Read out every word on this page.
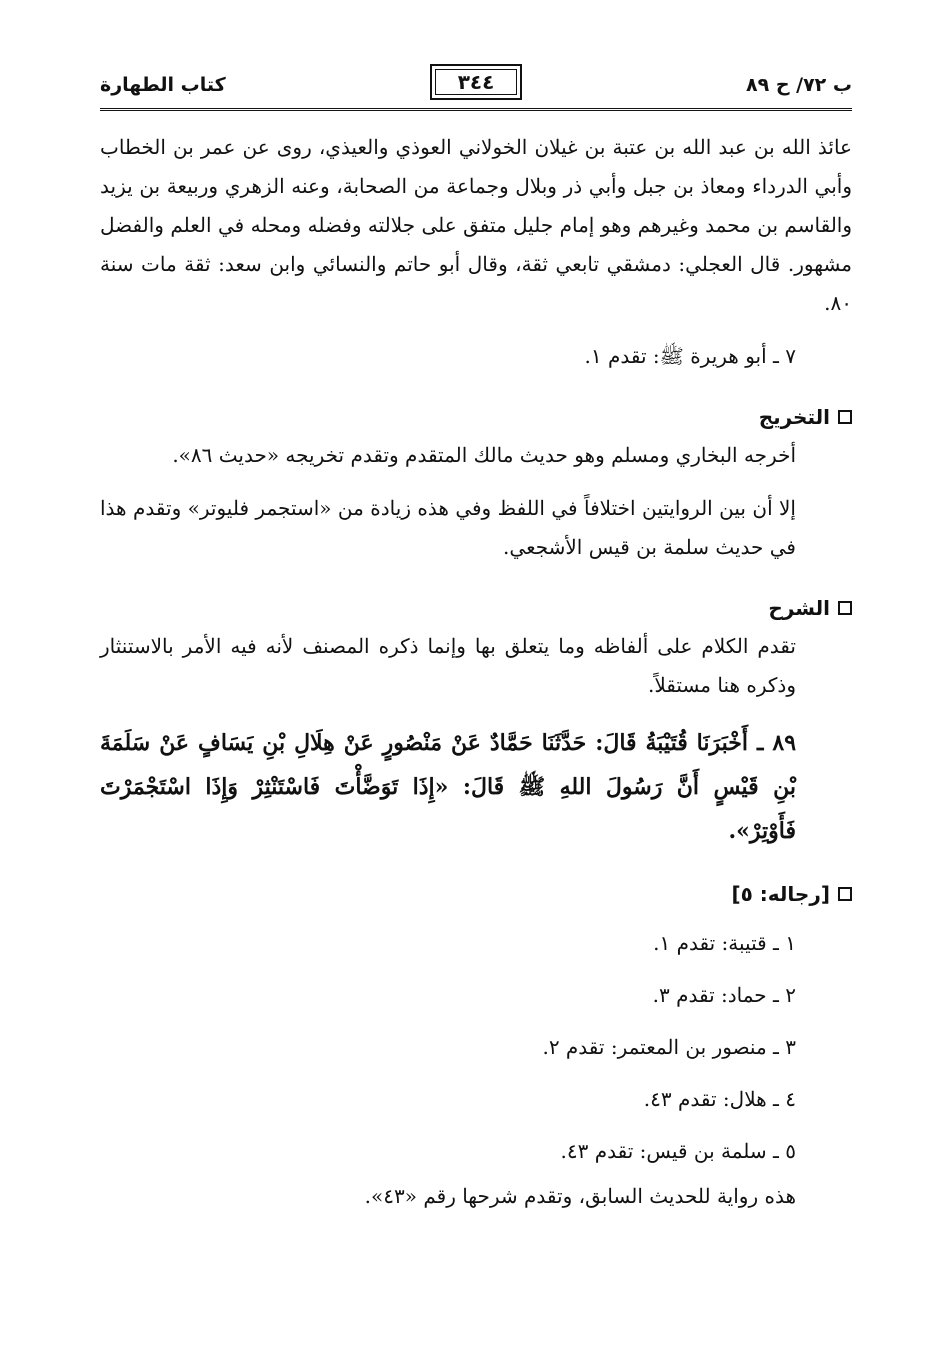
ب ٧٢/ ح ٨٩
٣٤٤
كتاب الطهارة

عائذ الله بن عبد الله بن عتبة بن غيلان الخولاني العوذي والعيذي، روى عن عمر بن الخطاب وأبي الدرداء ومعاذ بن جبل وأبي ذر وبلال وجماعة من الصحابة، وعنه الزهري وربيعة بن يزيد والقاسم بن محمد وغيرهم وهو إمام جليل متفق على جلالته وفضله ومحله في العلم والفضل مشهور. قال العجلي: دمشقي تابعي ثقة، وقال أبو حاتم والنسائي وابن سعد: ثقة مات سنة ٨٠.

٧ ـ أبو هريرة ﷺ: تقدم ١.

التخريج

أخرجه البخاري ومسلم وهو حديث مالك المتقدم وتقدم تخريجه «حديث ٨٦».

إلا أن بين الروايتين اختلافاً في اللفظ وفي هذه زيادة من «استجمر فليوتر» وتقدم هذا في حديث سلمة بن قيس الأشجعي.

الشرح

تقدم الكلام على ألفاظه وما يتعلق بها وإنما ذكره المصنف لأنه فيه الأمر بالاستنثار وذكره هنا مستقلاً.

٨٩ ـ أَخْبَرَنَا قُتَيْبَةُ قَالَ: حَدَّثَنَا حَمَّادٌ عَنْ مَنْصُورٍ عَنْ هِلَالِ بْنِ يَسَافٍ عَنْ سَلَمَةَ بْنِ قَيْسٍ أَنَّ رَسُولَ اللهِ ﷺ قَالَ: «إِذَا تَوَضَّأْتَ فَاسْتَنْثِرْ وَإِذَا اسْتَجْمَرْتَ فَأَوْتِرْ».
[رجاله: ٥]
١ ـ قتيبة: تقدم ١.
٢ ـ حماد: تقدم ٣.
٣ ـ منصور بن المعتمر: تقدم ٢.
٤ ـ هلال: تقدم ٤٣.
٥ ـ سلمة بن قيس: تقدم ٤٣.

هذه رواية للحديث السابق، وتقدم شرحها رقم «٤٣».
